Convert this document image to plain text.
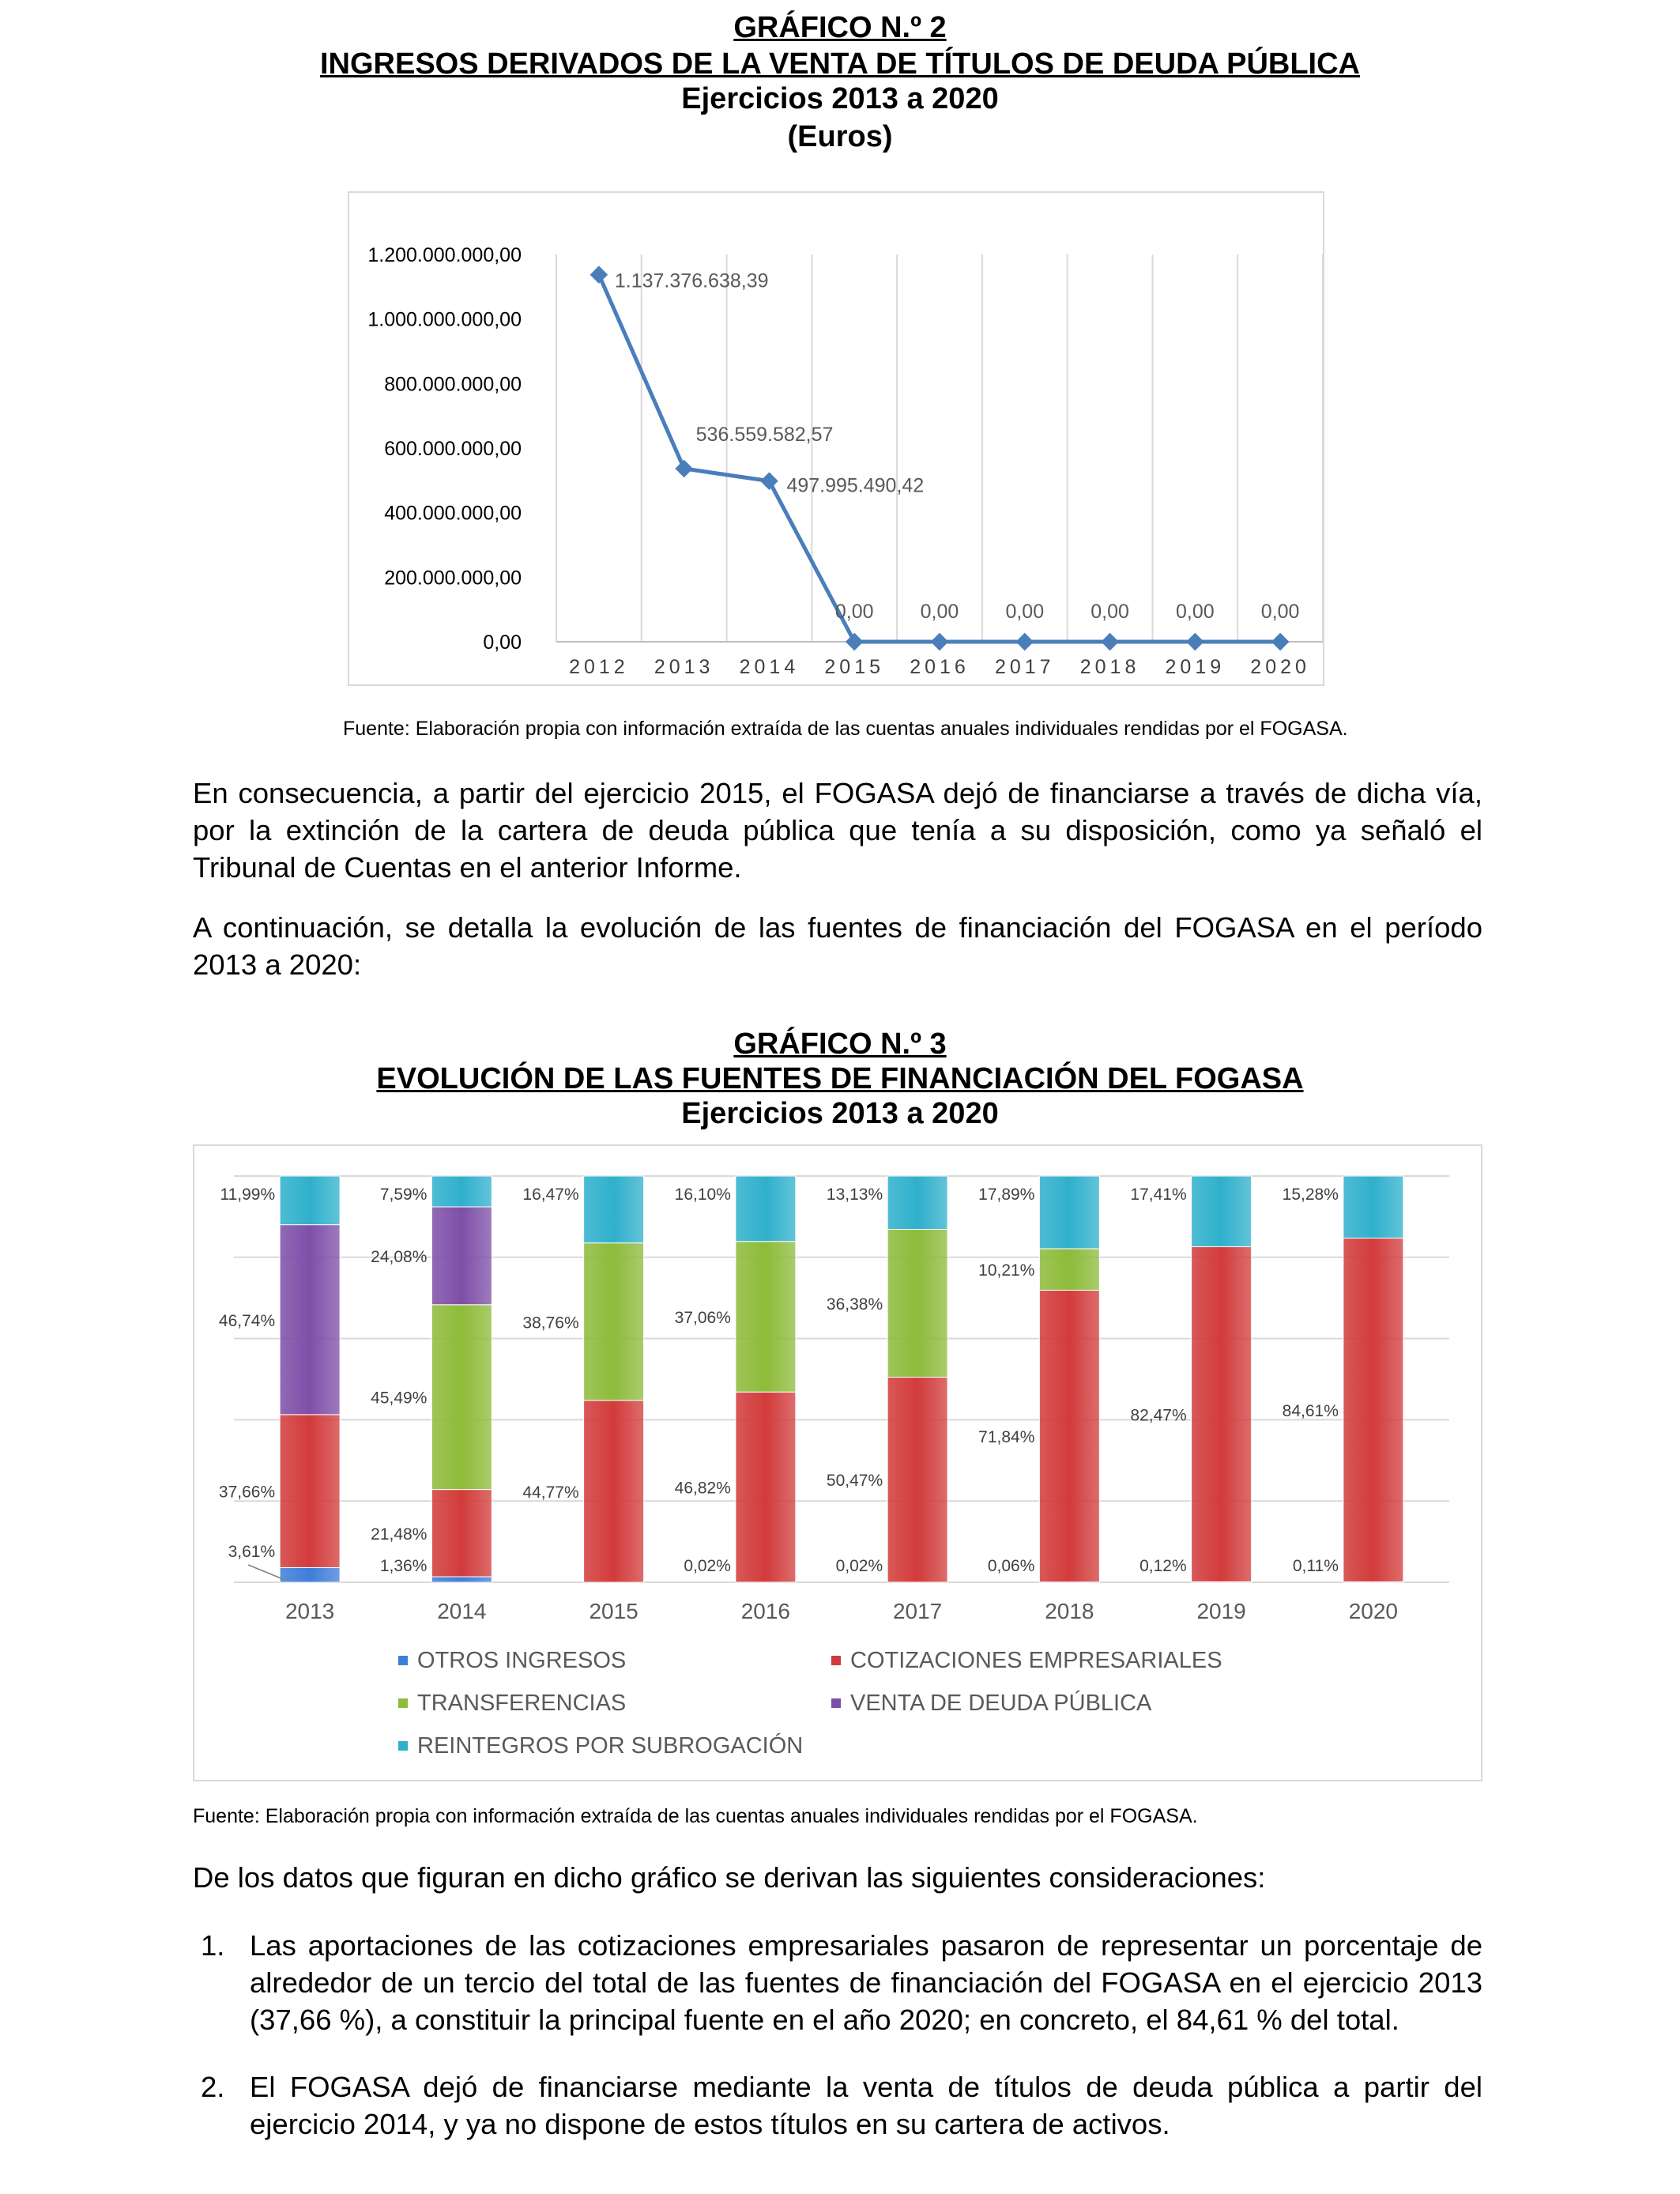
GRÁFICO N.º 2
INGRESOS DERIVADOS DE LA VENTA DE TÍTULOS DE DEUDA PÚBLICA
Ejercicios 2013 a 2020
(Euros)
0,00
200.000.000,00
400.000.000,00
600.000.000,00
800.000.000,00
1.000.000.000,00
1.200.000.000,00
2012 2013 2014 2015 2016 2017 2018 2019 2020
1.137.376.638,39
536.559.582,57
497.995.490,42
0,00 0,00 0,00 0,00 0,00 0,00
Fuente: Elaboración propia con información extraída de las cuentas anuales individuales rendidas por el FOGASA.
En consecuencia, a partir del ejercicio 2015, el FOGASA dejó de financiarse a través de dicha vía, por la extinción de la cartera de deuda pública que tenía a su disposición, como ya señaló el Tribunal de Cuentas en el anterior Informe.
A continuación, se detalla la evolución de las fuentes de financiación del FOGASA en el período 2013 a 2020:
GRÁFICO N.º 3
EVOLUCIÓN DE LAS FUENTES DE FINANCIACIÓN DEL FOGASA
Ejercicios 2013 a 2020
3,61%
37,66%
46,74%
11,99%
2013
1,36%
21,48%
45,49%
24,08%
7,59%
2014
44,77%
38,76%
16,47%
2015
0,02%
46,82%
37,06%
16,10%
2016
0,02%
50,47%
36,38%
13,13%
2017
0,06%
71,84%
10,21%
17,89%
2018
0,12%
82,47%
17,41%
2019
0,11%
84,61%
15,28%
2020
OTROS INGRESOS	COTIZACIONES EMPRESARIALES
TRANSFERENCIAS	VENTA DE DEUDA PÚBLICA
REINTEGROS POR SUBROGACIÓN
Fuente: Elaboración propia con información extraída de las cuentas anuales individuales rendidas por el FOGASA.
De los datos que figuran en dicho gráfico se derivan las siguientes consideraciones:
1. Las aportaciones de las cotizaciones empresariales pasaron de representar un porcentaje de alrededor de un tercio del total de las fuentes de financiación del FOGASA en el ejercicio 2013 (37,66 %), a constituir la principal fuente en el año 2020; en concreto, el 84,61 % del total.
2. El FOGASA dejó de financiarse mediante la venta de títulos de deuda pública a partir del ejercicio 2014, y ya no dispone de estos títulos en su cartera de activos.
